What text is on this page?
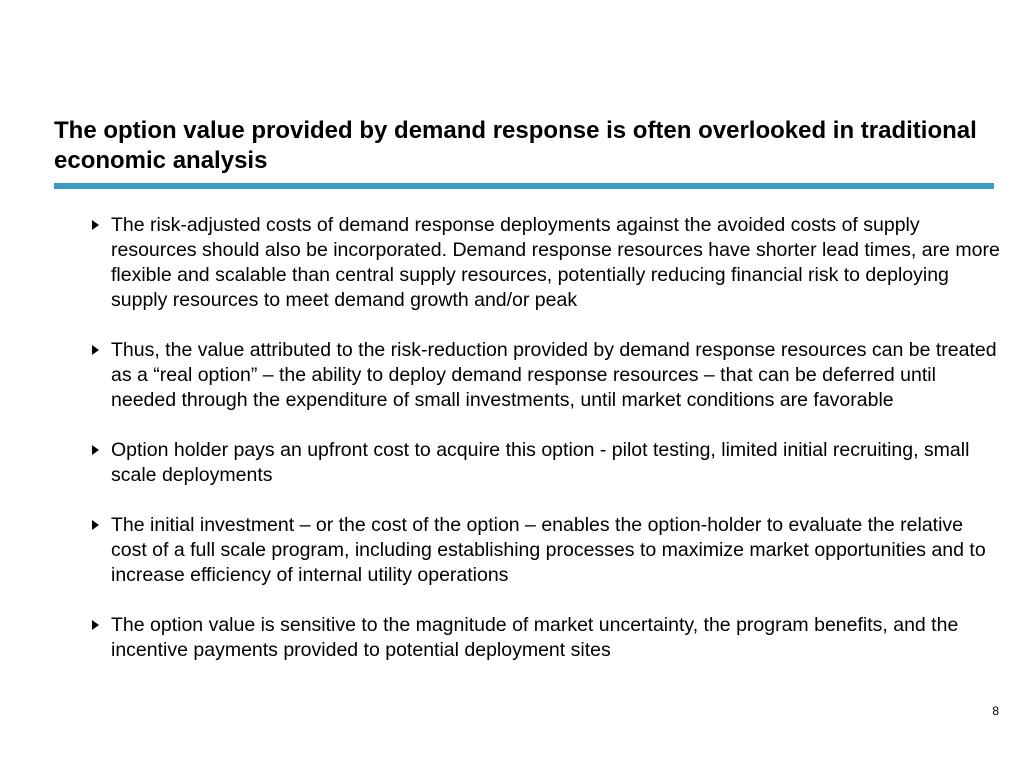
The option value provided by demand response is often overlooked in traditional economic analysis
The risk-adjusted costs of demand response deployments against the avoided costs of supply resources should also be incorporated. Demand response resources have shorter lead times, are more flexible and scalable than central supply resources, potentially reducing financial risk to deploying supply resources to meet demand growth and/or peak
Thus, the value attributed to the risk-reduction provided by demand response resources can be treated as a “real option” – the ability to deploy demand response resources – that can be deferred until needed through the expenditure of small investments, until market conditions are favorable
Option holder pays an upfront cost to acquire this option - pilot testing, limited initial recruiting, small scale deployments
The initial investment – or the cost of the option – enables the option-holder to evaluate the relative cost of a full scale program, including establishing processes to maximize market opportunities and to increase efficiency of internal utility operations
The option value is sensitive to the magnitude of market uncertainty, the program benefits, and the incentive payments provided to potential deployment sites
8
